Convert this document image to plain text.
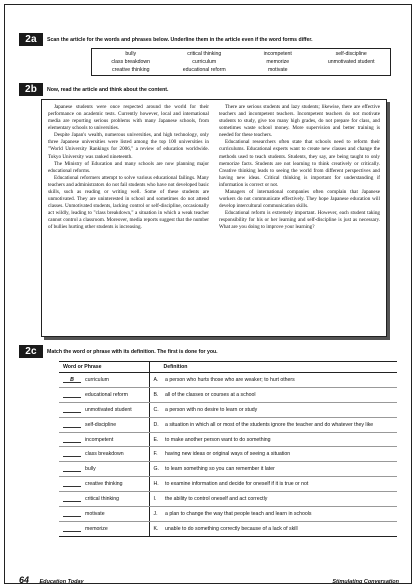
2a	Scan the article for the words and phrases below. Underline them in the article even if the word forms differ.
bully	critical thinking	incompetent	self-discipline
class breakdown	curriculum	memorize	unmotivated student
creative thinking	educational reform	motivate
2b	Now, read the article and think about the content.

Japanese students were once respected around the world for their performance on academic tests. Currently however, local and international media are reporting serious problems with many Japanese schools, from elementary schools to universities.

Despite Japan's wealth, numerous universities, and high technology, only three Japanese universities were listed among the top 100 universities in "World University Rankings for 2006," a review of education worldwide. Tokyo University was ranked nineteenth.

The Ministry of Education and many schools are now planning major educational reforms.

Educational reformers attempt to solve various educational failings. Many teachers and administrators do not fail students who have not developed basic skills, such as reading or writing well. Some of these students are unmotivated. They are uninterested in school and sometimes do not attend classes. Unmotivated students, lacking control or self-discipline, occasionally act wildly, leading to "class breakdown," a situation in which a weak teacher cannot control a classroom. Moreover, media reports suggest that the number of bullies hurting other students is increasing.

There are serious students and lazy students; likewise, there are effective teachers and incompetent teachers. Incompetent teachers do not motivate students to study, give too many high grades, do not prepare for class, and sometimes waste school money. More supervision and better training is needed for these teachers.

Educational researchers often state that schools need to reform their curriculums. Educational experts want to create new classes and change the methods used to teach students. Students, they say, are being taught to only memorize facts. Students are not learning to think creatively or critically. Creative thinking leads to seeing the world from different perspectives and having new ideas. Critical thinking is important for understanding if information is correct or not.

Managers of international companies often complain that Japanese workers do not communicate effectively. They hope Japanese education will develop intercultural communication skills.

Educational reform is extremely important. However, each student taking responsibility for his or her learning and self-discipline is just as necessary. What are you doing to improve your learning?

2c	Match the word or phrase with its definition. The first is done for you.
Word or Phrase	Definition	
B curriculum	A.	a person who hurts those who are weaker; to hurt others
educational reform	B.	all of the classes or courses at a school
unmotivated student	C.	a person with no desire to learn or study
self-discipline	D.	a situation in which all or most of the students ignore the teacher and do whatever they like
incompetent	E.	to make another person want to do something
class breakdown	F.	having new ideas or original ways of seeing a situation
bully	G.	to learn something so you can remember it later
creative thinking	H.	to examine information and decide for oneself if it is true or not
critical thinking	I.	the ability to control oneself and act correctly
motivate	J.	a plan to change the way that people teach and learn in schools
memorize	K.	unable to do something correctly because of a lack of skill
64 Education Today	Stimulating Conversation
